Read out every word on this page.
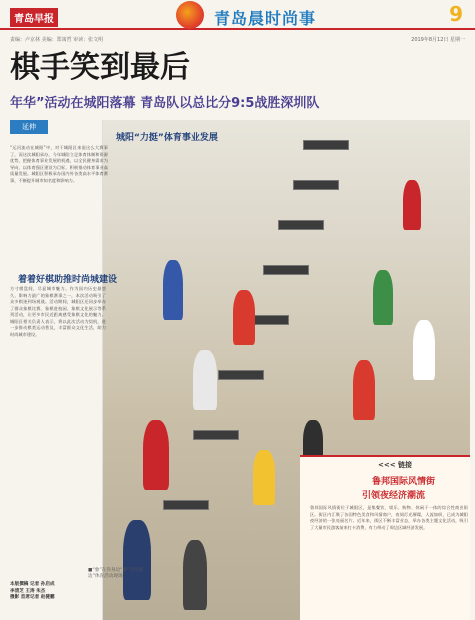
青岛早报	青岛晨时尚事	9
责编：卢京林 美编：郑寓哲 审读：张文明	2019年8月12日 星期一
棋手笑到最后
年华”活动在城阳落幕 青岛队以总比分9:5战胜深圳队
延伸
城阳“力挺”体育事业发展
“运河流动在城阳”中，对于城阳区来说这么大赛事了，而这次城阳承办，今年城阳立足体育体制和资源优势，把握体育事业发展的机遇，以全民健身需求为导向，以体育强区建设为目标，积极推动体育事业高质量发展。城阳区积极承办国内外各类高水平体育赛事，不断提升城市知名度和影响力。
着着好棋助推时尚城建设
方寸棋盘间，尽显城市魅力。作为国内历史最悠久、影响力最广的象棋赛事之一，本次活动吸引了众多棋迷到场观战。活动期间，城阳区还同步举办了群众象棋比赛、象棋进校园、象棋文化展示等系列活动，让更多市民近距离感受象棋文化的魅力。城阳区相关负责人表示，将以此次活动为契机，进一步推动棋类运动普及，丰富群众文化生活，助力时尚城市建设。
■“象”在你身边“象”在你身边”体育活动现场。
本版撰稿 记者 孙启成
李清芝 王涛 朱杰
摄影 首席记者 赵健鹏
<<< 链接
鲁邦国际风情街
引领夜经济潮流
鲁邦国际风情街位于城阳区，是集餐饮、娱乐、购物、休闲于一体的综合性商业街区。街区内汇聚了各国特色美食和风情商户，夜间灯光璀璨，人流如织，已成为城阳夜经济的一张亮丽名片。近年来，街区不断丰富业态，举办各类主题文化活动，吸引了大量市民游客前来打卡消费，有力带动了周边区域经济发展。
